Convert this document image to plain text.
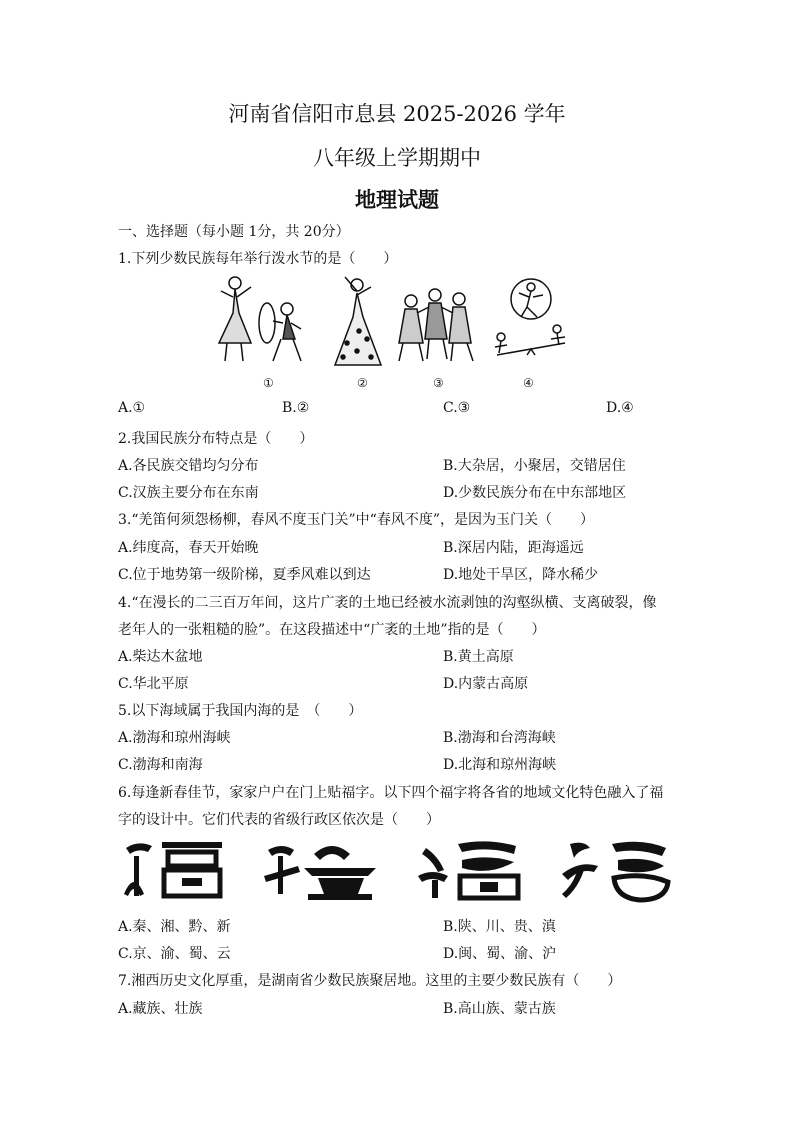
河南省信阳市息县 2025-2026 学年
八年级上学期期中
地理试题
一、选择题（每小题 1分，共 20分）
1.下列少数民族每年举行泼水节的是（　　）
①	②	③	④
A.①	B.②	C.③	D.④
2.我国民族分布特点是（　　）
A.各民族交错均匀分布	B.大杂居，小聚居，交错居住
C.汉族主要分布在东南	D.少数民族分布在中东部地区
3.“羌笛何须怨杨柳，春风不度玉门关”中“春风不度”，是因为玉门关（　　）
A.纬度高，春天开始晚	B.深居内陆，距海遥远
C.位于地势第一级阶梯，夏季风难以到达	D.地处干旱区，降水稀少
4.“在漫长的二三百万年间，这片广袤的土地已经被水流剥蚀的沟壑纵横、支离破裂，像
老年人的一张粗糙的脸”。在这段描述中“广袤的土地”指的是（　　）
A.柴达木盆地	B.黄土高原
C.华北平原	D.内蒙古高原
5.以下海域属于我国内海的是　（　　）
A.渤海和琼州海峡	B.渤海和台湾海峡
C.渤海和南海	D.北海和琼州海峡
6.每逢新春佳节，家家户户在门上贴福字。以下四个福字将各省的地域文化特色融入了福
字的设计中。它们代表的省级行政区依次是（　　）
A.秦、湘、黔、新	B.陕、川、贵、滇
C.京、渝、蜀、云	D.闽、蜀、渝、沪
7.湘西历史文化厚重，是湖南省少数民族聚居地。这里的主要少数民族有（　　）
A.藏族、壮族	B.高山族、蒙古族
